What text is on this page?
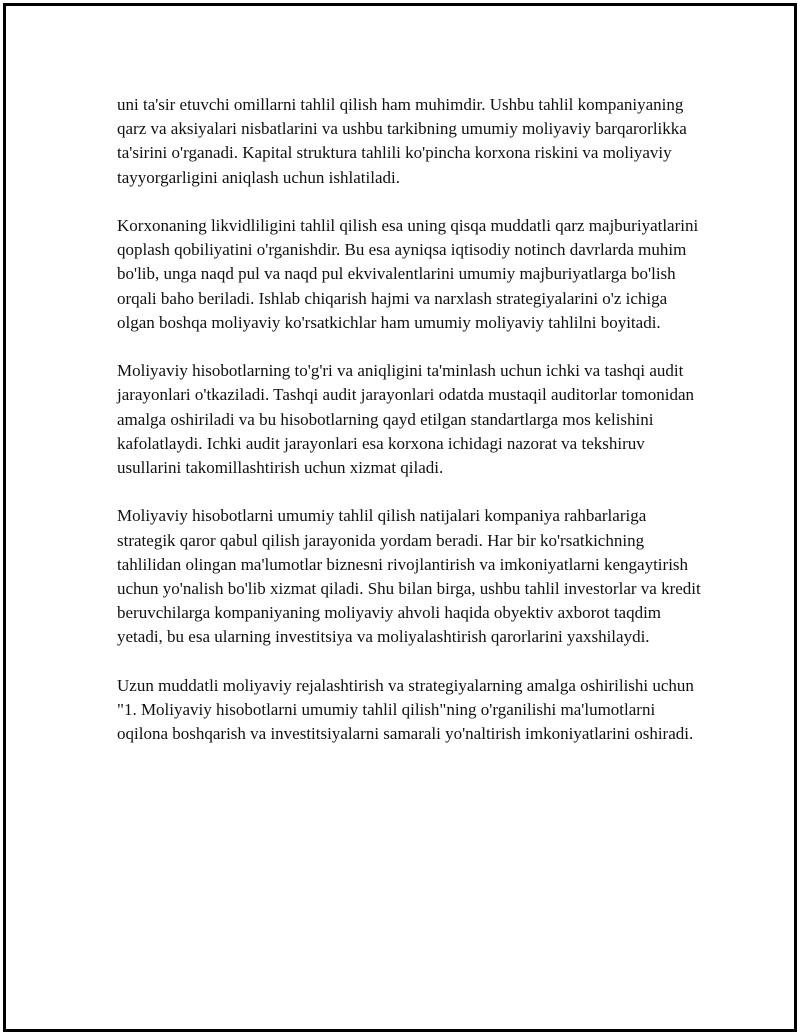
uni ta'sir etuvchi omillarni tahlil qilish ham muhimdir. Ushbu tahlil kompaniyaning qarz va aksiyalari nisbatlarini va ushbu tarkibning umumiy moliyaviy barqarorlikka ta'sirini o'rganadi. Kapital struktura tahlili ko'pincha korxona riskini va moliyaviy tayyorgarligini aniqlash uchun ishlatiladi.

Korxonaning likvidliligini tahlil qilish esa uning qisqa muddatli qarz majburiyatlarini qoplash qobiliyatini o'rganishdir. Bu esa ayniqsa iqtisodiy notinch davrlarda muhim bo'lib, unga naqd pul va naqd pul ekvivalentlarini umumiy majburiyatlarga bo'lish orqali baho beriladi. Ishlab chiqarish hajmi va narxlash strategiyalarini o'z ichiga olgan boshqa moliyaviy ko'rsatkichlar ham umumiy moliyaviy tahlilni boyitadi.

Moliyaviy hisobotlarning to'g'ri va aniqligini ta'minlash uchun ichki va tashqi audit jarayonlari o'tkaziladi. Tashqi audit jarayonlari odatda mustaqil auditorlar tomonidan amalga oshiriladi va bu hisobotlarning qayd etilgan standartlarga mos kelishini kafolatlaydi. Ichki audit jarayonlari esa korxona ichidagi nazorat va tekshiruv usullarini takomillashtirish uchun xizmat qiladi.

Moliyaviy hisobotlarni umumiy tahlil qilish natijalari kompaniya rahbarlariga strategik qaror qabul qilish jarayonida yordam beradi. Har bir ko'rsatkichning tahlilidan olingan ma'lumotlar biznesni rivojlantirish va imkoniyatlarni kengaytirish uchun yo'nalish bo'lib xizmat qiladi. Shu bilan birga, ushbu tahlil investorlar va kredit beruvchilarga kompaniyaning moliyaviy ahvoli haqida obyektiv axborot taqdim yetadi, bu esa ularning investitsiya va moliyalashtirish qarorlarini yaxshilaydi.

Uzun muddatli moliyaviy rejalashtirish va strategiyalarning amalga oshirilishi uchun "1. Moliyaviy hisobotlarni umumiy tahlil qilish"ning o'rganilishi ma'lumotlarni oqilona boshqarish va investitsiyalarni samarali yo'naltirish imkoniyatlarini oshiradi.
